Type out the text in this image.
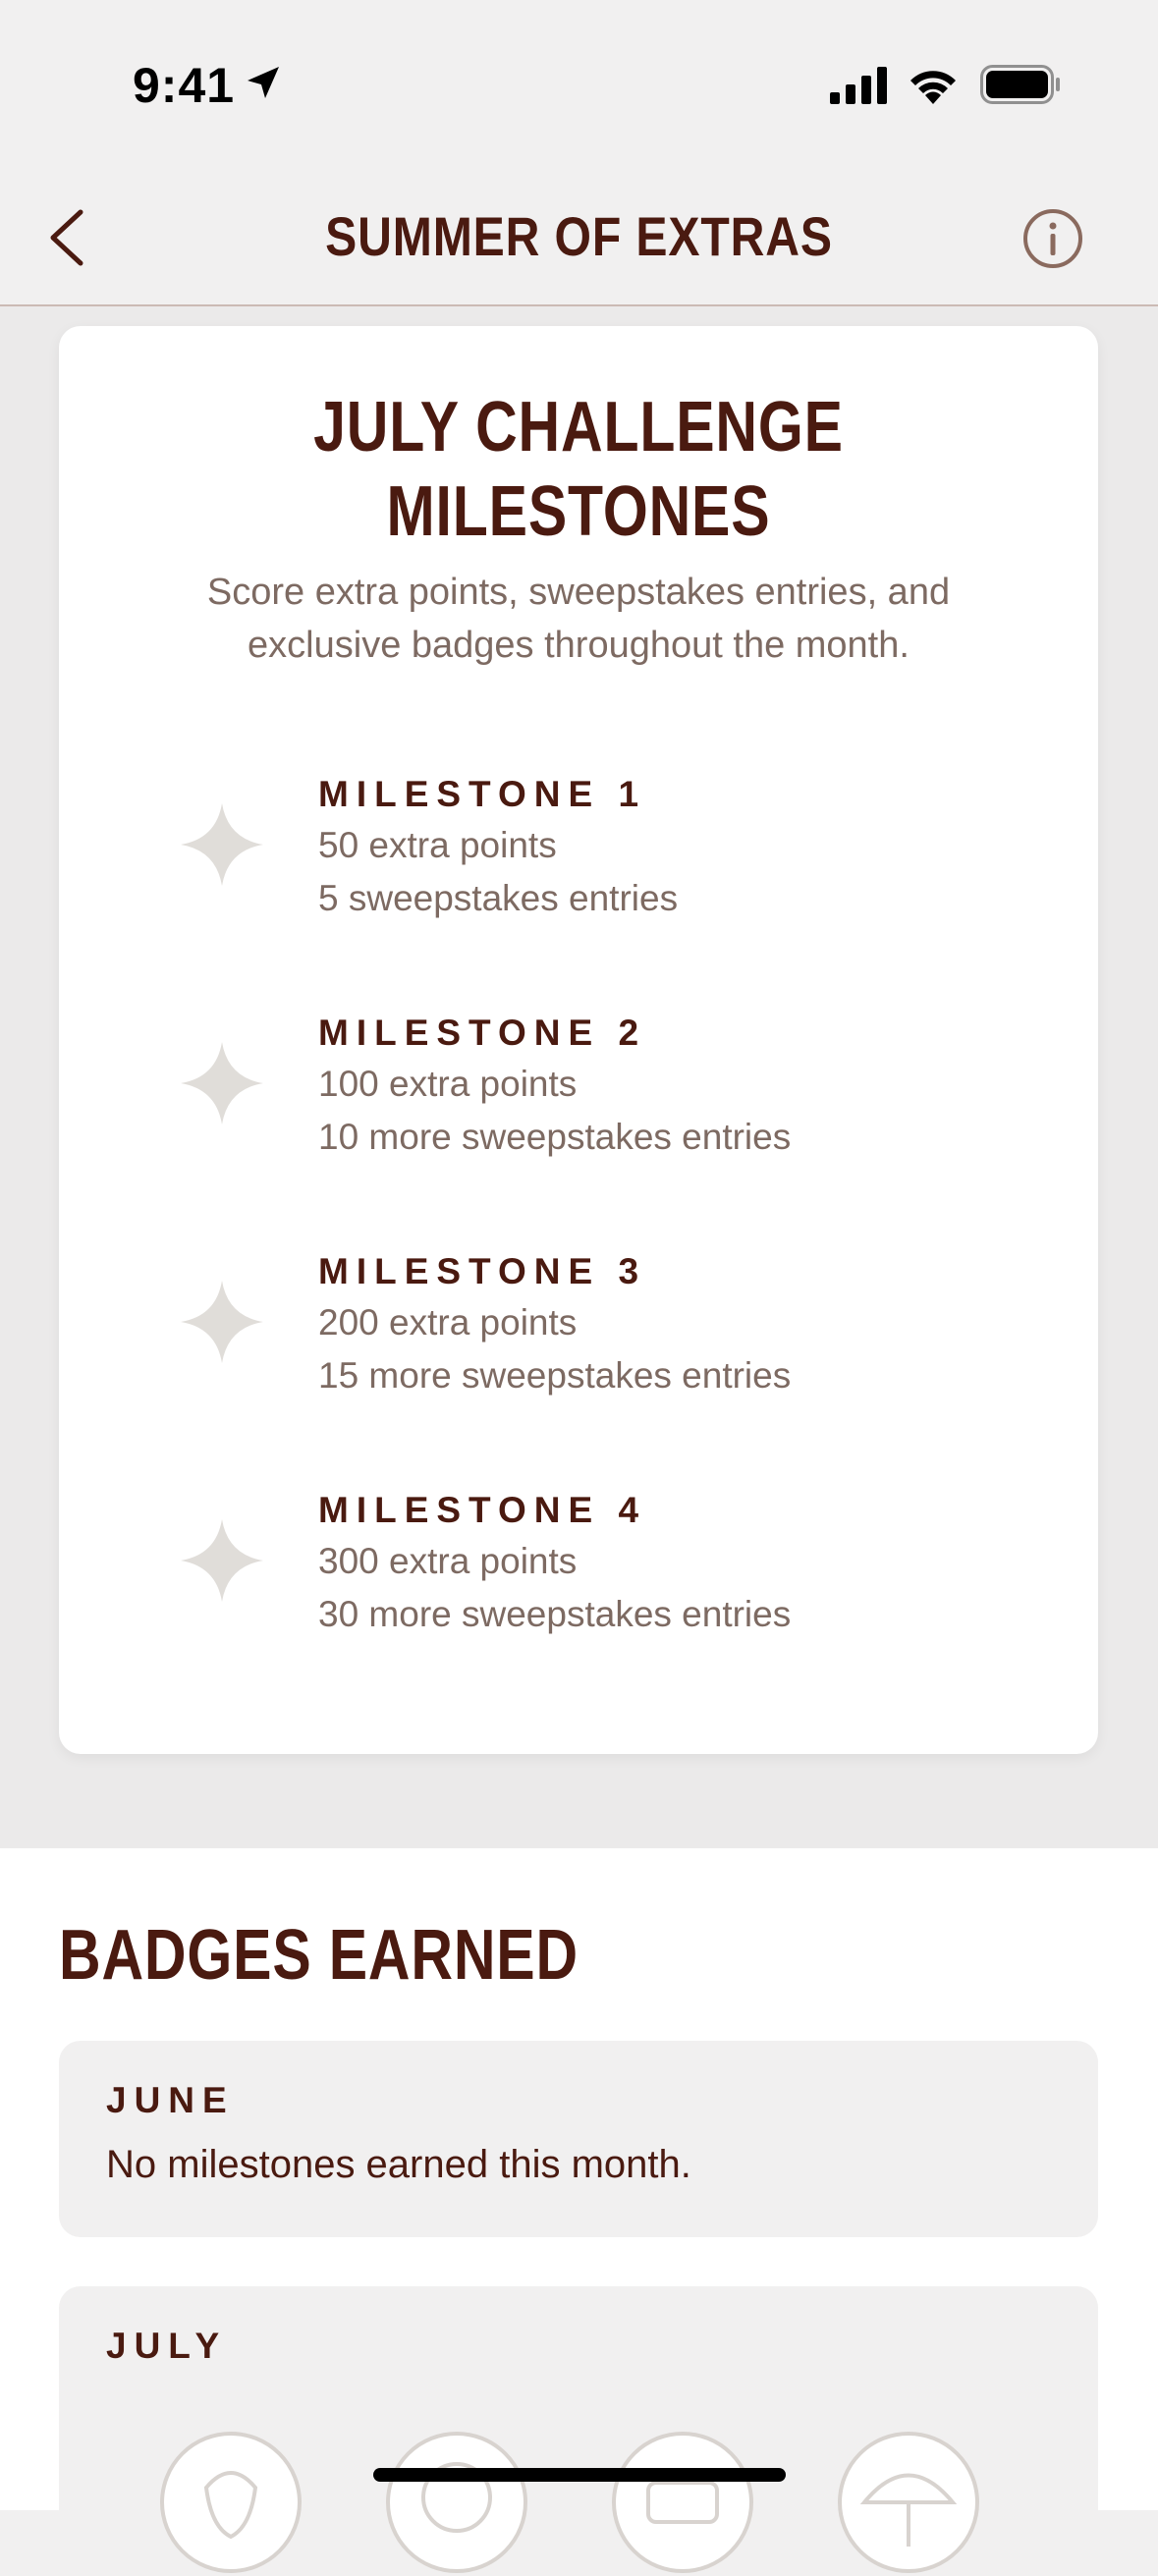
9:41
SUMMER OF EXTRAS
JULY CHALLENGE
MILESTONES
Score extra points, sweepstakes entries, and
exclusive badges throughout the month.
MILESTONE 1
50 extra points
5 sweepstakes entries
MILESTONE 2
100 extra points
10 more sweepstakes entries
MILESTONE 3
200 extra points
15 more sweepstakes entries
MILESTONE 4
300 extra points
30 more sweepstakes entries
BADGES EARNED
JUNE
No milestones earned this month.
JULY
